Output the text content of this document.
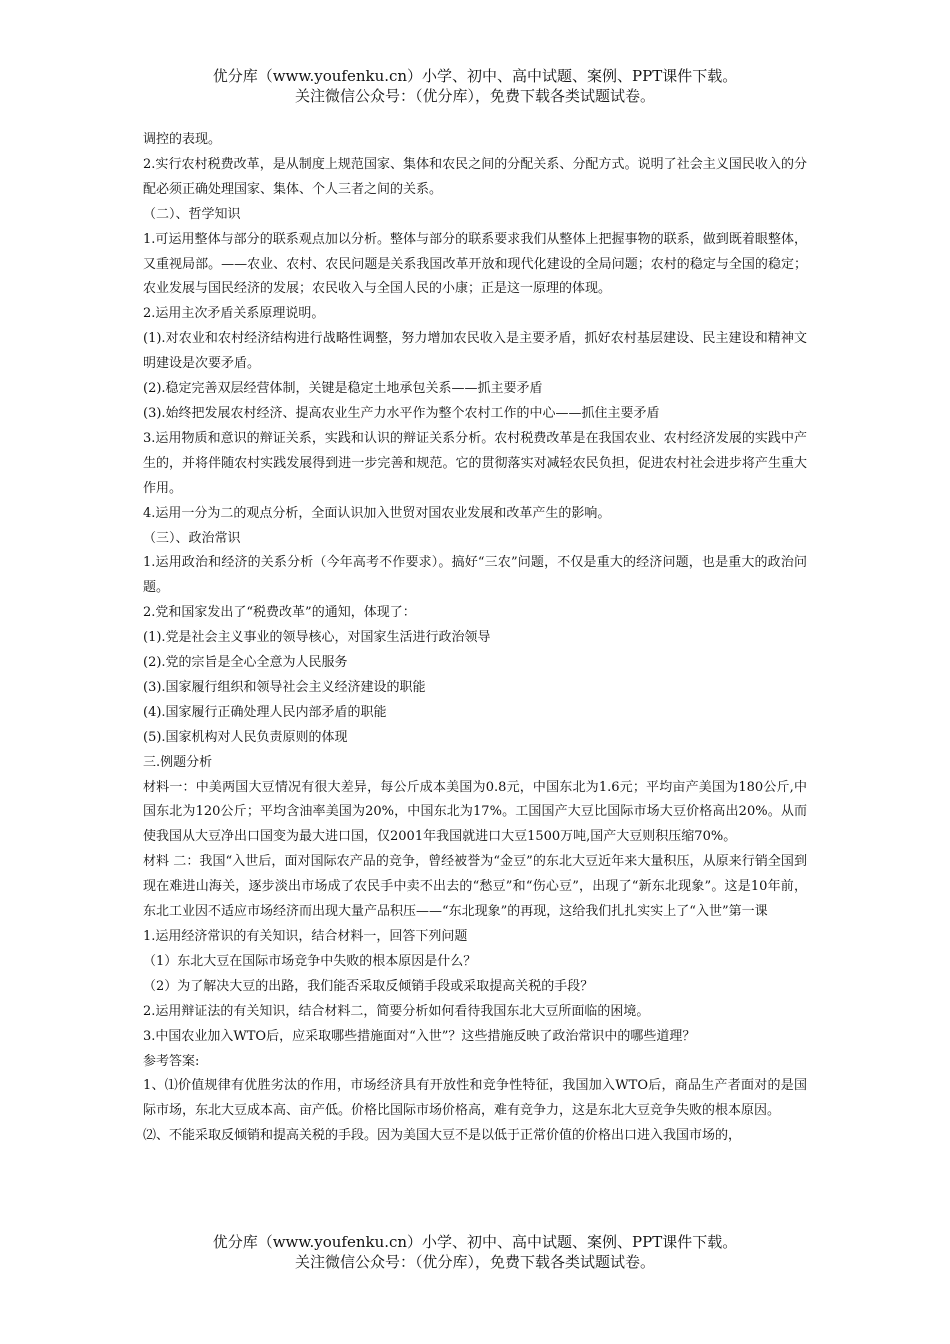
优分库（www.youfenku.cn）小学、初中、高中试题、案例、PPT课件下载。
关注微信公众号：（优分库），免费下载各类试题试卷。

调控的表现。

2.实行农村税费改革，是从制度上规范国家、集体和农民之间的分配关系、分配方式。说明了社会主义国民收入的分配必须正确处理国家、集体、个人三者之间的关系。

（二）、哲学知识

1.可运用整体与部分的联系观点加以分析。整体与部分的联系要求我们从整体上把握事物的联系，做到既着眼整体，又重视局部。——农业、农村、农民问题是关系我国改革开放和现代化建设的全局问题；农村的稳定与全国的稳定；农业发展与国民经济的发展；农民收入与全国人民的小康；正是这一原理的体现。

2.运用主次矛盾关系原理说明。

(1).对农业和农村经济结构进行战略性调整，努力增加农民收入是主要矛盾，抓好农村基层建设、民主建设和精神文明建设是次要矛盾。

(2).稳定完善双层经营体制，关键是稳定土地承包关系——抓主要矛盾

(3).始终把发展农村经济、提高农业生产力水平作为整个农村工作的中心——抓住主要矛盾

3.运用物质和意识的辩证关系，实践和认识的辩证关系分析。农村税费改革是在我国农业、农村经济发展的实践中产生的，并将伴随农村实践发展得到进一步完善和规范。它的贯彻落实对减轻农民负担，促进农村社会进步将产生重大作用。

4.运用一分为二的观点分析，全面认识加入世贸对国农业发展和改革产生的影响。

（三）、政治常识

1.运用政治和经济的关系分析（今年高考不作要求）。搞好“三农”问题，不仅是重大的经济问题，也是重大的政治问题。

2.党和国家发出了“税费改革”的通知，体现了：

(1).党是社会主义事业的领导核心，对国家生活进行政治领导

(2).党的宗旨是全心全意为人民服务

(3).国家履行组织和领导社会主义经济建设的职能

(4).国家履行正确处理人民内部矛盾的职能

(5).国家机构对人民负责原则的体现

三.例题分析

材料一：中美两国大豆情况有很大差异，每公斤成本美国为0.8元，中国东北为1.6元；平均亩产美国为180公斤,中国东北为120公斤；平均含油率美国为20%，中国东北为17%。工国国产大豆比国际市场大豆价格高出20%。从而使我国从大豆净出口国变为最大进口国，仅2001年我国就进口大豆1500万吨,国产大豆则积压缩70%。

材料 二：我国“入世后，面对国际农产品的竞争，曾经被誉为“金豆”的东北大豆近年来大量积压，从原来行销全国到现在难进山海关，逐步淡出市场成了农民手中卖不出去的“愁豆”和“伤心豆”，出现了“新东北现象”。这是10年前，东北工业因不适应市场经济而出现大量产品积压——“东北现象”的再现，这给我们扎扎实实上了“入世”第一课

1.运用经济常识的有关知识，结合材料一，回答下列问题

（1）东北大豆在国际市场竞争中失败的根本原因是什么？

（2）为了解决大豆的出路，我们能否采取反倾销手段或采取提高关税的手段？

2.运用辩证法的有关知识，结合材料二，简要分析如何看待我国东北大豆所面临的困境。

3.中国农业加入WTO后，应采取哪些措施面对“入世”？这些措施反映了政治常识中的哪些道理？

参考答案:

1、⑴价值规律有优胜劣汰的作用，市场经济具有开放性和竞争性特征，我国加入WTO后，商品生产者面对的是国际市场，东北大豆成本高、亩产低。价格比国际市场价格高，难有竞争力，这是东北大豆竞争失败的根本原因。

⑵、不能采取反倾销和提高关税的手段。因为美国大豆不是以低于正常价值的价格出口进入我国市场的，

优分库（www.youfenku.cn）小学、初中、高中试题、案例、PPT课件下载。
关注微信公众号：（优分库），免费下载各类试题试卷。
